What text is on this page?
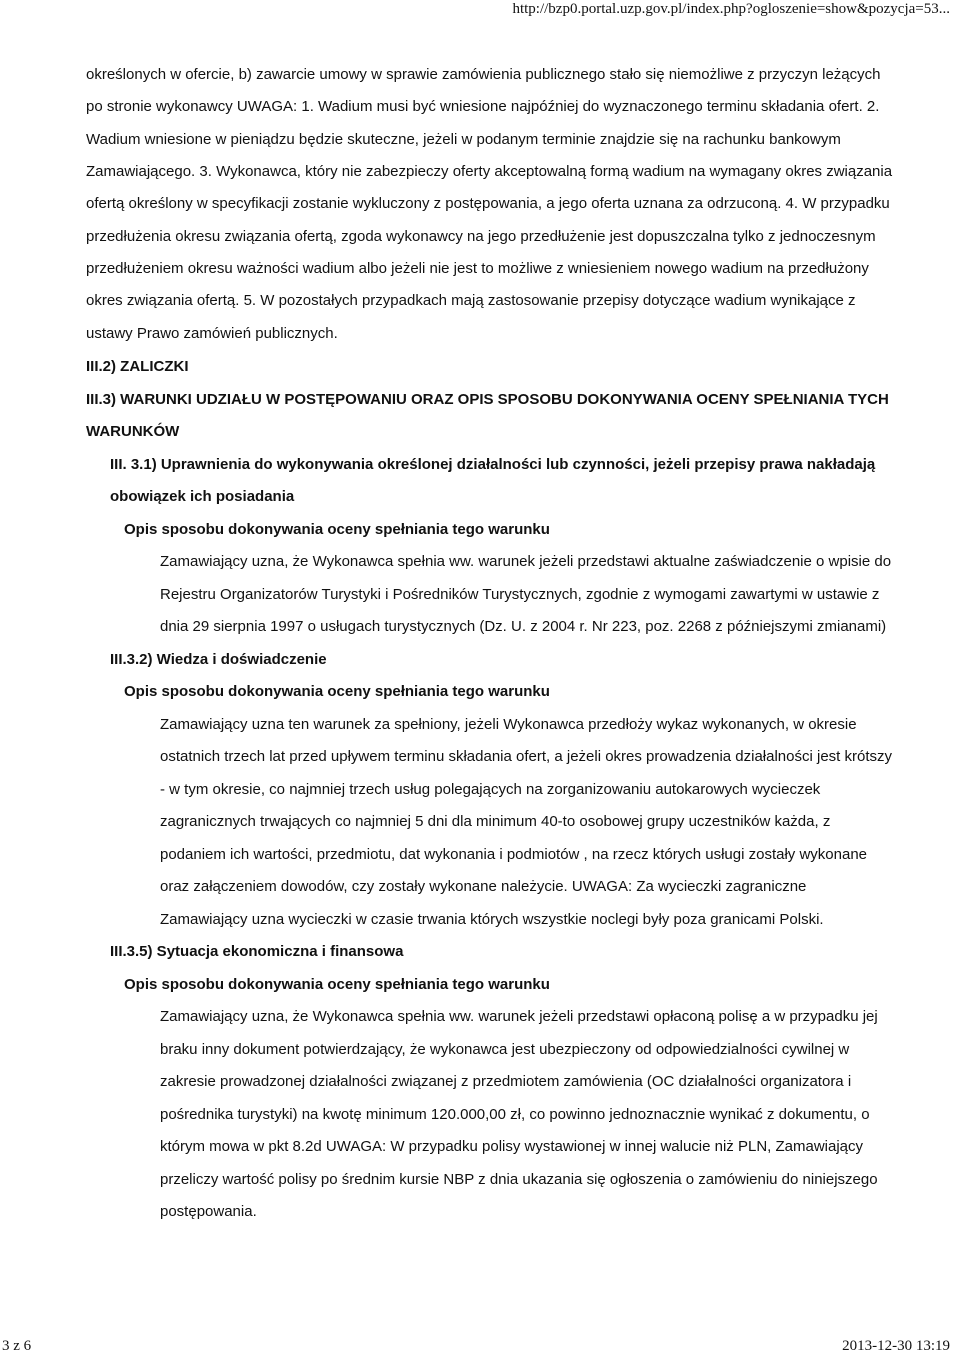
http://bzp0.portal.uzp.gov.pl/index.php?ogloszenie=show&pozycja=53...

określonych w ofercie, b) zawarcie umowy w sprawie zamówienia publicznego stało się niemożliwe z przyczyn leżących po stronie wykonawcy UWAGA: 1. Wadium musi być wniesione najpóźniej do wyznaczonego terminu składania ofert. 2. Wadium wniesione w pieniądzu będzie skuteczne, jeżeli w podanym terminie znajdzie się na rachunku bankowym Zamawiającego. 3. Wykonawca, który nie zabezpieczy oferty akceptowalną formą wadium na wymagany okres związania ofertą określony w specyfikacji zostanie wykluczony z postępowania, a jego oferta uznana za odrzuconą. 4. W przypadku przedłużenia okresu związania ofertą, zgoda wykonawcy na jego przedłużenie jest dopuszczalna tylko z jednoczesnym przedłużeniem okresu ważności wadium albo jeżeli nie jest to możliwe z wniesieniem nowego wadium na przedłużony okres związania ofertą. 5. W pozostałych przypadkach mają zastosowanie przepisy dotyczące wadium wynikające z ustawy Prawo zamówień publicznych.

III.2) ZALICZKI

III.3) WARUNKI UDZIAŁU W POSTĘPOWANIU ORAZ OPIS SPOSOBU DOKONYWANIA OCENY SPEŁNIANIA TYCH WARUNKÓW

III. 3.1) Uprawnienia do wykonywania określonej działalności lub czynności, jeżeli przepisy prawa nakładają obowiązek ich posiadania

Opis sposobu dokonywania oceny spełniania tego warunku

Zamawiający uzna, że Wykonawca spełnia ww. warunek jeżeli przedstawi aktualne zaświadczenie o wpisie do Rejestru Organizatorów Turystyki i Pośredników Turystycznych, zgodnie z wymogami zawartymi w ustawie z dnia 29 sierpnia 1997 o usługach turystycznych (Dz. U. z 2004 r. Nr 223, poz. 2268 z późniejszymi zmianami)

III.3.2) Wiedza i doświadczenie

Opis sposobu dokonywania oceny spełniania tego warunku

Zamawiający uzna ten warunek za spełniony, jeżeli Wykonawca przedłoży wykaz wykonanych, w okresie ostatnich trzech lat przed upływem terminu składania ofert, a jeżeli okres prowadzenia działalności jest krótszy - w tym okresie, co najmniej trzech usług polegających na zorganizowaniu autokarowych wycieczek zagranicznych trwających co najmniej 5 dni dla minimum 40-to osobowej grupy uczestników każda, z podaniem ich wartości, przedmiotu, dat wykonania i podmiotów , na rzecz których usługi zostały wykonane oraz załączeniem dowodów, czy zostały wykonane należycie. UWAGA: Za wycieczki zagraniczne Zamawiający uzna wycieczki w czasie trwania których wszystkie noclegi były poza granicami Polski.

III.3.5) Sytuacja ekonomiczna i finansowa

Opis sposobu dokonywania oceny spełniania tego warunku

Zamawiający uzna, że Wykonawca spełnia ww. warunek jeżeli przedstawi opłaconą polisę a w przypadku jej braku inny dokument potwierdzający, że wykonawca jest ubezpieczony od odpowiedzialności cywilnej w zakresie prowadzonej działalności związanej z przedmiotem zamówienia (OC działalności organizatora i pośrednika turystyki) na kwotę minimum 120.000,00 zł, co powinno jednoznacznie wynikać z dokumentu, o którym mowa w pkt 8.2d UWAGA: W przypadku polisy wystawionej w innej walucie niż PLN, Zamawiający przeliczy wartość polisy po średnim kursie NBP z dnia ukazania się ogłoszenia o zamówieniu do niniejszego postępowania.

3 z 6	2013-12-30 13:19
